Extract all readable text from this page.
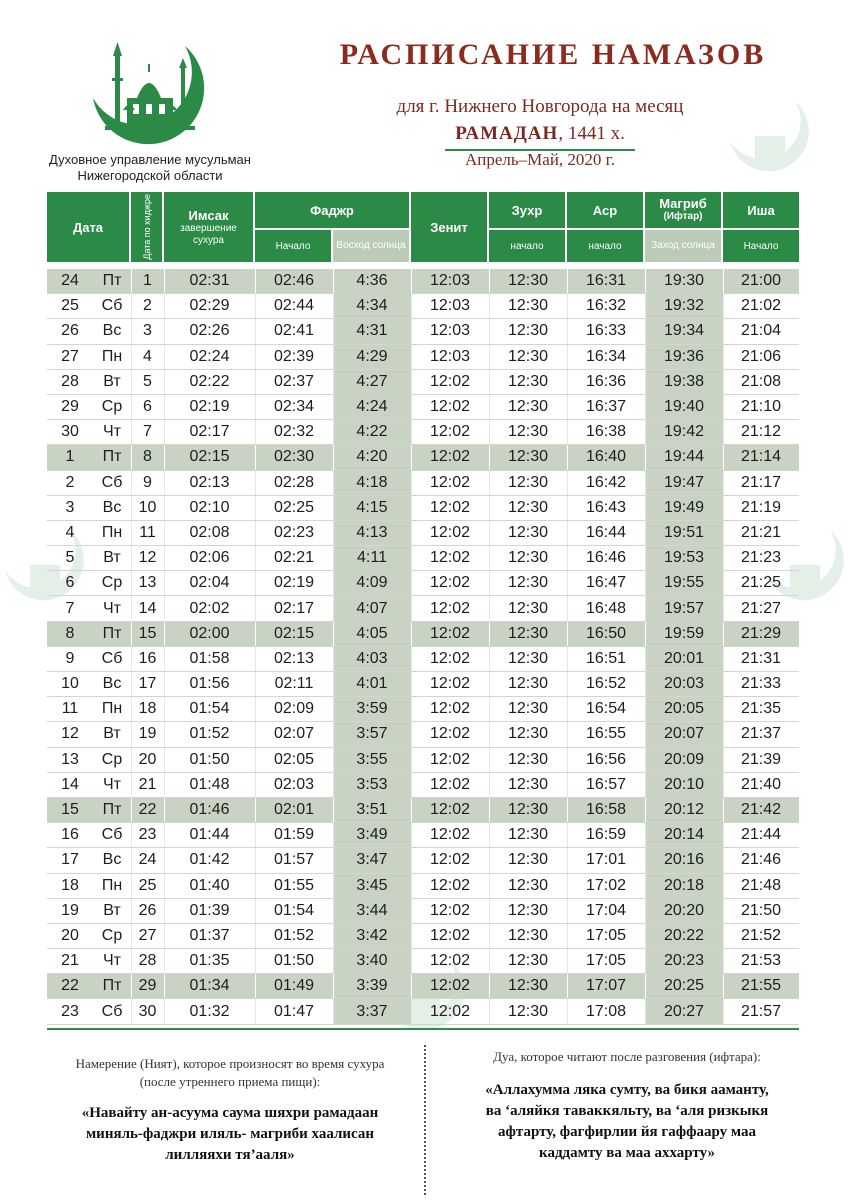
Духовное управление мусульман
Нижегородской области
РАСПИСАНИЕ НАМАЗОВ
для г. Нижнего Новгорода на месяц
РАМАДАН, 1441 х.
Апрель–Май, 2020 г.
Дата	Дата по хиджре	Имсак
завершение сухура
Фаджр
Начало	Восход солнца
Зенит
Зухр
начало
Аср
начало
Магриб
(Ифтар)
Заход солнца
Иша
Начало
24	Пт	1	02:31	02:46	4:36	12:03	12:30	16:31	19:30	21:00
25	Сб	2	02:29	02:44	4:34	12:03	12:30	16:32	19:32	21:02
26	Вс	3	02:26	02:41	4:31	12:03	12:30	16:33	19:34	21:04
27	Пн	4	02:24	02:39	4:29	12:03	12:30	16:34	19:36	21:06
28	Вт	5	02:22	02:37	4:27	12:02	12:30	16:36	19:38	21:08
29	Ср	6	02:19	02:34	4:24	12:02	12:30	16:37	19:40	21:10
30	Чт	7	02:17	02:32	4:22	12:02	12:30	16:38	19:42	21:12
1	Пт	8	02:15	02:30	4:20	12:02	12:30	16:40	19:44	21:14
2	Сб	9	02:13	02:28	4:18	12:02	12:30	16:42	19:47	21:17
3	Вс	10	02:10	02:25	4:15	12:02	12:30	16:43	19:49	21:19
4	Пн	11	02:08	02:23	4:13	12:02	12:30	16:44	19:51	21:21
5	Вт	12	02:06	02:21	4:11	12:02	12:30	16:46	19:53	21:23
6	Ср	13	02:04	02:19	4:09	12:02	12:30	16:47	19:55	21:25
7	Чт	14	02:02	02:17	4:07	12:02	12:30	16:48	19:57	21:27
8	Пт	15	02:00	02:15	4:05	12:02	12:30	16:50	19:59	21:29
9	Сб	16	01:58	02:13	4:03	12:02	12:30	16:51	20:01	21:31
10	Вс	17	01:56	02:11	4:01	12:02	12:30	16:52	20:03	21:33
11	Пн	18	01:54	02:09	3:59	12:02	12:30	16:54	20:05	21:35
12	Вт	19	01:52	02:07	3:57	12:02	12:30	16:55	20:07	21:37
13	Ср	20	01:50	02:05	3:55	12:02	12:30	16:56	20:09	21:39
14	Чт	21	01:48	02:03	3:53	12:02	12:30	16:57	20:10	21:40
15	Пт	22	01:46	02:01	3:51	12:02	12:30	16:58	20:12	21:42
16	Сб	23	01:44	01:59	3:49	12:02	12:30	16:59	20:14	21:44
17	Вс	24	01:42	01:57	3:47	12:02	12:30	17:01	20:16	21:46
18	Пн	25	01:40	01:55	3:45	12:02	12:30	17:02	20:18	21:48
19	Вт	26	01:39	01:54	3:44	12:02	12:30	17:04	20:20	21:50
20	Ср	27	01:37	01:52	3:42	12:02	12:30	17:05	20:22	21:52
21	Чт	28	01:35	01:50	3:40	12:02	12:30	17:05	20:23	21:53
22	Пт	29	01:34	01:49	3:39	12:02	12:30	17:07	20:25	21:55
23	Сб	30	01:32	01:47	3:37	12:02	12:30	17:08	20:27	21:57
Намерение (Ният), которое произносят во время сухура
(после утреннего приема пищи):
«Навайту ан-асуума саума шяхри рамадаан
миняль-фаджри иляль- магриби хаалисан
лилляяхи тя’ааля»
Дуа, которое читают после разговения (ифтара):
«Аллахумма ляка сумту, ва бикя ааманту,
ва ‘аляйкя таваккяльту, ва ‘аля ризкыкя
афтарту, фагфирлии йя гаффаару маа
каддамту ва маа аххарту»
